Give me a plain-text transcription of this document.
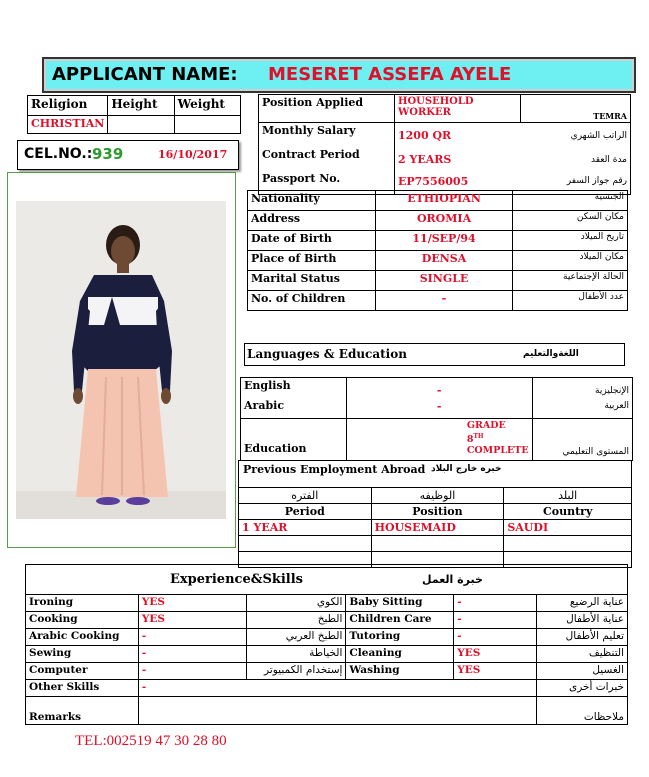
APPLICANT NAME: MESERET ASSEFA AYELE
Religion	Height	Weight
CHRISTIAN		
CEL.NO.: 939	16/10/2017
Position Applied	HOUSEHOLD WORKER	TEMRA
Monthly Salary	1200 QR	الراتب الشهري
Contract Period	2 YEARS	مدة العقد
Passport No.	EP7556005	رقم جواز السفر
Nationality	ETHIOPIAN	الجنسية
Address	OROMIA	مكان السكن
Date of Birth	11/SEP/94	تاريخ الميلاد
Place of Birth	DENSA	مكان الميلاد
Marital Status	SINGLE	الحالة الإجتماعية
No. of Children	-	عدد الأطفال
Languages & Education	اللغةوالتعليم
English	-	الإنجليزية
Arabic	-	العربية
Education	GRADE
8TH
COMPLETE	المستوى التعليمي
Previous Employment Abroad خبره خارج البلاد
الفتره	الوظيفه	البلد
Period	Position	Country
1 YEAR	HOUSEMAID	SAUDI

Experience&Skills	خبرة العمل
Ironing	YES	الكوي	Baby Sitting	-	عناية الرضيع
Cooking	YES	الطبخ	Children Care	-	عناية الأطفال
Arabic Cooking	-	الطبخ العربي	Tutoring	-	تعليم الأطفال
Sewing	-	الخياطة	Cleaning	YES	التنظيف
Computer	-	إستخدام الكمبيوتر	Washing	YES	الغسيل
Other Skills	-				خبرات أخرى
Remarks					ملاحظات
TEL:002519 47 30 28 80
